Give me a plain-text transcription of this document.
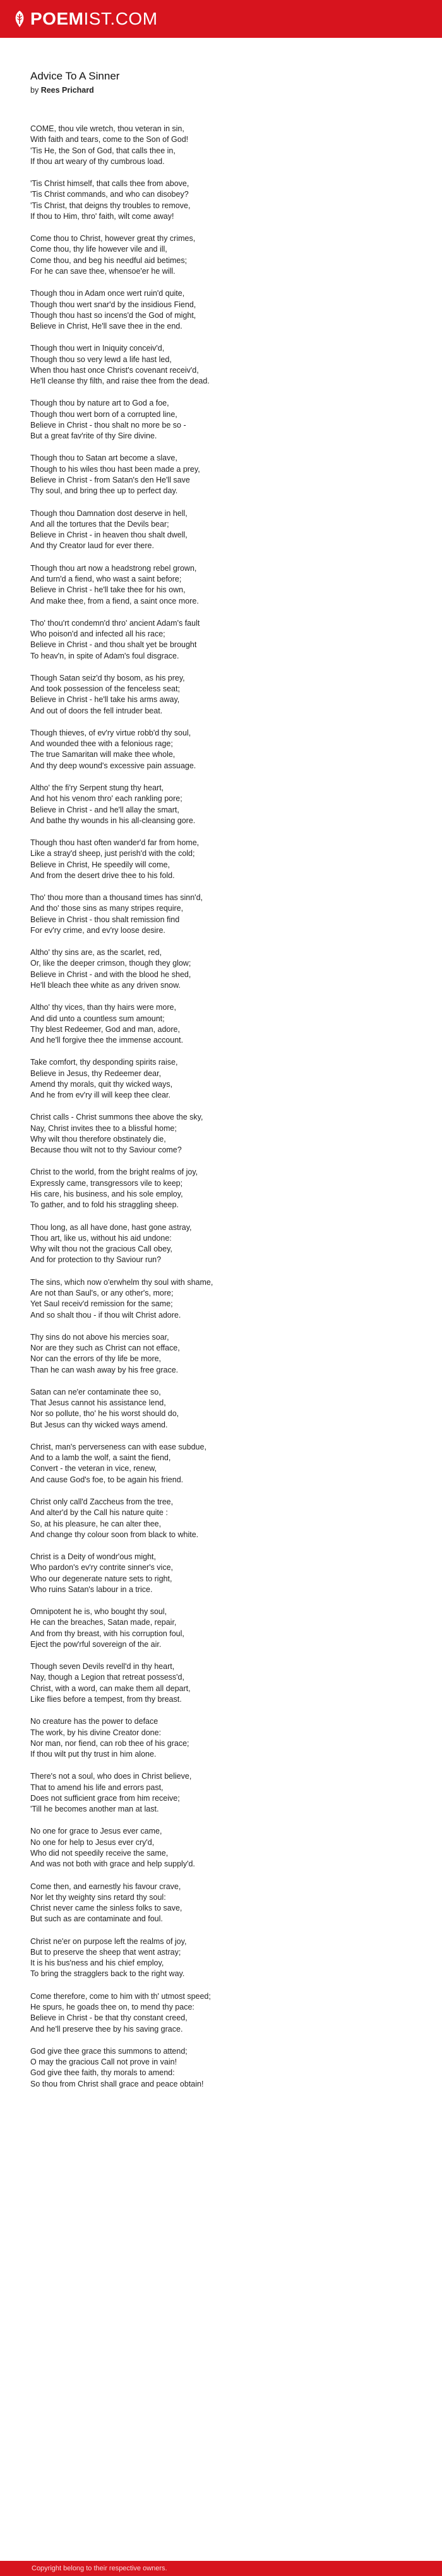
POEMIST.COM
Advice To A Sinner
by Rees Prichard
COME, thou vile wretch, thou veteran in sin,
With faith and tears, come to the Son of God!
'Tis He, the Son of God, that calls thee in,
If thou art weary of thy cumbrous load.
'Tis Christ himself, that calls thee from above,
'Tis Christ commands, and who can disobey?
'Tis Christ, that deigns thy troubles to remove,
If thou to Him, thro' faith, wilt come away!
Come thou to Christ, however great thy crimes,
Come thou, thy life however vile and ill,
Come thou, and beg his needful aid betimes;
For he can save thee, whensoe'er he will.
Though thou in Adam once wert ruin'd quite,
Though thou wert snar'd by the insidious Fiend,
Though thou hast so incens'd the God of might,
Believe in Christ, He'll save thee in the end.
Though thou wert in Iniquity conceiv'd,
Though thou so very lewd a life hast led,
When thou hast once Christ's covenant receiv'd,
He'll cleanse thy filth, and raise thee from the dead.
Though thou by nature art to God a foe,
Though thou wert born of a corrupted line,
Believe in Christ - thou shalt no more be so -
But a great fav'rite of thy Sire divine.
Though thou to Satan art become a slave,
Though to his wiles thou hast been made a prey,
Believe in Christ - from Satan's den He'll save
Thy soul, and bring thee up to perfect day.
Though thou Damnation dost deserve in hell,
And all the tortures that the Devils bear;
Believe in Christ - in heaven thou shalt dwell,
And thy Creator laud for ever there.
Though thou art now a headstrong rebel grown,
And turn'd a fiend, who wast a saint before;
Believe in Christ - he'll take thee for his own,
And make thee, from a fiend, a saint once more.
Tho' thou'rt condemn'd thro' ancient Adam's fault
Who poison'd and infected all his race;
Believe in Christ - and thou shalt yet be brought
To heav'n, in spite of Adam's foul disgrace.
Though Satan seiz'd thy bosom, as his prey,
And took possession of the fenceless seat;
Believe in Christ - he'll take his arms away,
And out of doors the fell intruder beat.
Though thieves, of ev'ry virtue robb'd thy soul,
And wounded thee with a felonious rage;
The true Samaritan will make thee whole,
And thy deep wound's excessive pain assuage.
Altho' the fi'ry Serpent stung thy heart,
And hot his venom thro' each rankling pore;
Believe in Christ - and he'll allay the smart,
And bathe thy wounds in his all-cleansing gore.
Though thou hast often wander'd far from home,
Like a stray'd sheep, just perish'd with the cold;
Believe in Christ, He speedily will come,
And from the desert drive thee to his fold.
Tho' thou more than a thousand times has sinn'd,
And tho' those sins as many stripes require,
Believe in Christ - thou shalt remission find
For ev'ry crime, and ev'ry loose desire.
Altho' thy sins are, as the scarlet, red,
Or, like the deeper crimson, though they glow;
Believe in Christ - and with the blood he shed,
He'll bleach thee white as any driven snow.
Altho' thy vices, than thy hairs were more,
And did unto a countless sum amount;
Thy blest Redeemer, God and man, adore,
And he'll forgive thee the immense account.
Take comfort, thy desponding spirits raise,
Believe in Jesus, thy Redeemer dear,
Amend thy morals, quit thy wicked ways,
And he from ev'ry ill will keep thee clear.
Christ calls - Christ summons thee above the sky,
Nay, Christ invites thee to a blissful home;
Why wilt thou therefore obstinately die,
Because thou wilt not to thy Saviour come?
Christ to the world, from the bright realms of joy,
Expressly came, transgressors vile to keep;
His care, his business, and his sole employ,
To gather, and to fold his straggling sheep.
Thou long, as all have done, hast gone astray,
Thou art, like us, without his aid undone:
Why wilt thou not the gracious Call obey,
And for protection to thy Saviour run?
The sins, which now o'erwhelm thy soul with shame,
Are not than Saul's, or any other's, more;
Yet Saul receiv'd remission for the same;
And so shalt thou - if thou wilt Christ adore.
Thy sins do not above his mercies soar,
Nor are they such as Christ can not efface,
Nor can the errors of thy life be more,
Than he can wash away by his free grace.
Satan can ne'er contaminate thee so,
That Jesus cannot his assistance lend,
Nor so pollute, tho' he his worst should do,
But Jesus can thy wicked ways amend.
Christ, man's perverseness can with ease subdue,
And to a lamb the wolf, a saint the fiend,
Convert - the veteran in vice, renew,
And cause God's foe, to be again his friend.
Christ only call'd Zaccheus from the tree,
And alter'd by the Call his nature quite :
So, at his pleasure, he can alter thee,
And change thy colour soon from black to white.
Christ is a Deity of wondr'ous might,
Who pardon's ev'ry contrite sinner's vice,
Who our degenerate nature sets to right,
Who ruins Satan's labour in a trice.
Omnipotent he is, who bought thy soul,
He can the breaches, Satan made, repair,
And from thy breast, with his corruption foul,
Eject the pow'rful sovereign of the air.
Though seven Devils revell'd in thy heart,
Nay, though a Legion that retreat possess'd,
Christ, with a word, can make them all depart,
Like flies before a tempest, from thy breast.
No creature has the power to deface
The work, by his divine Creator done:
Nor man, nor fiend, can rob thee of his grace;
If thou wilt put thy trust in him alone.
There's not a soul, who does in Christ believe,
That to amend his life and errors past,
Does not sufficient grace from him receive;
'Till he becomes another man at last.
No one for grace to Jesus ever came,
No one for help to Jesus ever cry'd,
Who did not speedily receive the same,
And was not both with grace and help supply'd.
Come then, and earnestly his favour crave,
Nor let thy weighty sins retard thy soul:
Christ never came the sinless folks to save,
But such as are contaminate and foul.
Christ ne'er on purpose left the realms of joy,
But to preserve the sheep that went astray;
It is his bus'ness and his chief employ,
To bring the stragglers back to the right way.
Come therefore, come to him with th' utmost speed;
He spurs, he goads thee on, to mend thy pace:
Believe in Christ - be that thy constant creed,
And he'll preserve thee by his saving grace.
God give thee grace this summons to attend;
O may the gracious Call not prove in vain!
God give thee faith, thy morals to amend:
So thou from Christ shall grace and peace obtain!
Copyright belong to their respective owners.
